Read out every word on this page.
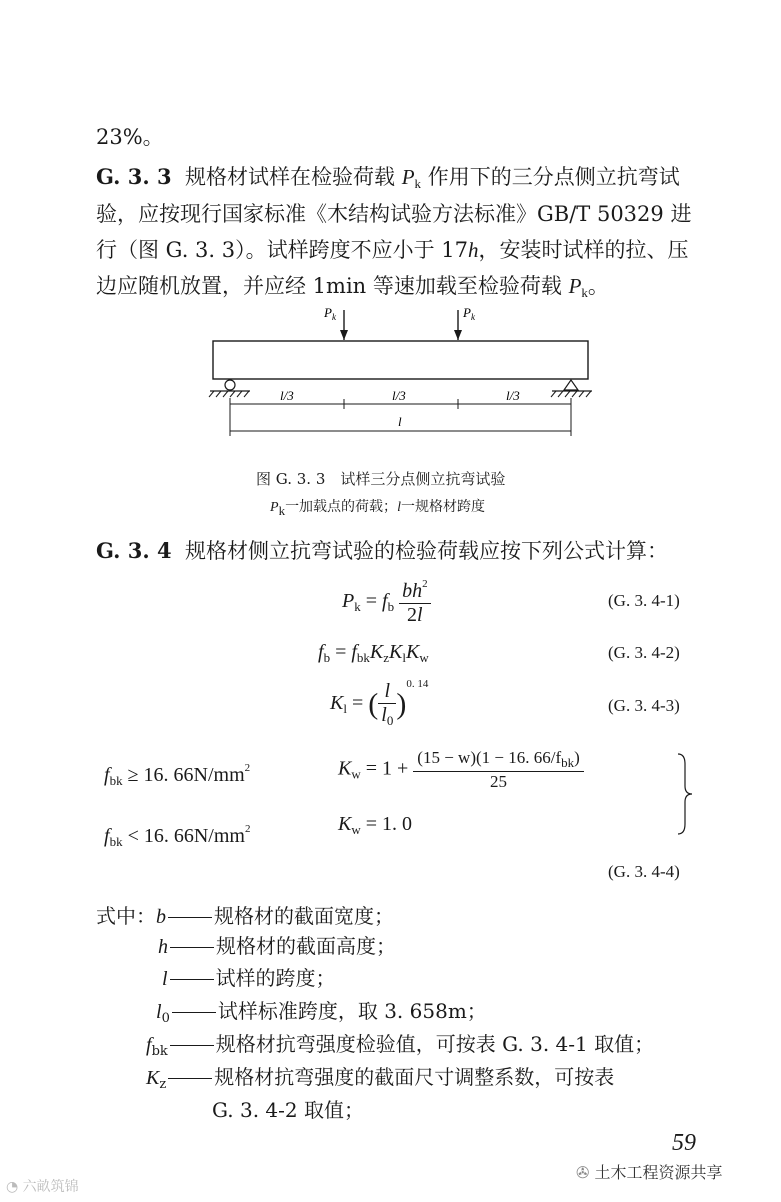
23%。
G. 3. 3 规格材试样在检验荷载 $P_k$ 作用下的三分点侧立抗弯试
验，应按现行国家标准《木结构试验方法标准》GB/T 50329 进
行（图 G. 3. 3）。试样跨度不应小于 17h，安装时试样的拉、压
边应随机放置，并应经 1min 等速加载至检验荷载 $P_k$。
$P_k$	$P_k$
l/3	l/3	l/3
l
图 G. 3. 3　试样三分点侧立抗弯试验
Pk一加载点的荷载；l一规格材跨度
G. 3. 4 规格材侧立抗弯试验的检验荷载应按下列公式计算：
$P_k = f_b \frac{bh^2}{2l}$	(G. 3. 4-1)
$f_b = f_{bk}K_zK_lK_w$	(G. 3. 4-2)
$K_l$ = ( $\frac{l}{l_0} )^{0. 14}$
(G. 3. 4-3)
$f_{bk} \ge 16$. $66N/mm^2$	$K_w = 1 + \frac{(15 - w)(1 - 16. 66/f_{bk})}{25}$
$f_{bk} < 16$. $66N/mm^2$	$K_w = 1$. 0
(G. 3. 4-4)
式中：b 规格材的截面宽度；
h 规格材的截面高度；
l 试样的跨度；
$l_0$ 试样标准跨度，取 3. 658m；
$f_{bk}$ 规格材抗弯强度检验值，可按表 G. 3. 4-1 取值；
$K_z$ 规格材抗弯强度的截面尺寸调整系数，可按表
G. 3. 4-2 取值；
59
◔ 六畝筑锦
✇ 土木工程资源共享
